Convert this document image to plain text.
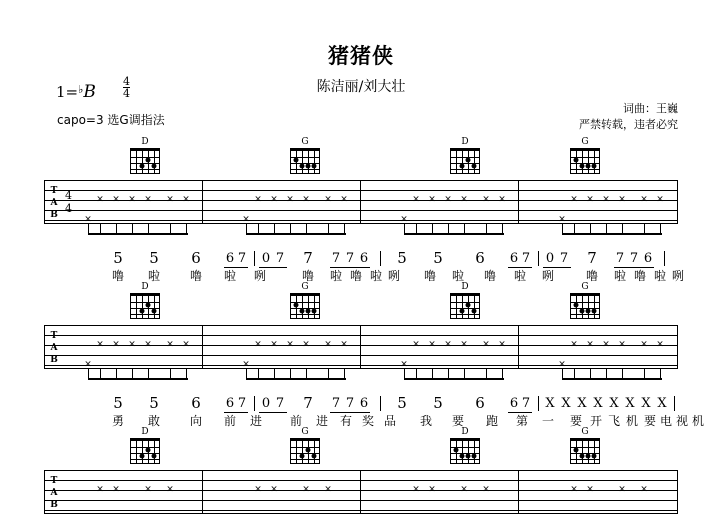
猪猪侠
陈洁丽/刘大壮
1=♭B
4
4
capo=3 选G调指法
词曲：王巍
严禁转载，违者必究
D	G	D	G
T
A
B
4
4
× × × × × ×	× × × × × ×	× × × × × ×	× × × × × ×
×	×	×	×
5 5 6 6 7 0 7 7 7 7 6 5 5 6 6 7 0 7 7 7 7 6
噜 啦 噜 啦 咧	噜 啦 噜 啦 咧 噜 啦 噜 啦 咧	噜 啦 噜 啦 咧
D	G	D	G
T
A
B
× × × × × ×	× × × × × ×	× × × × × ×	× × × × × ×
×	×	×	×
5 5 6 6 7 0 7 7 7 7 6 5 5 6 6 7 X X X X X X X X
勇 敢 向 前 进 前 进 有 奖 品 我 要 跑 第 一 要 开 飞 机 要 电 视 机
D	G	D	G
T
A
B
× ×	× ×	× ×	× ×	× ×	× ×	× ×	× ×
